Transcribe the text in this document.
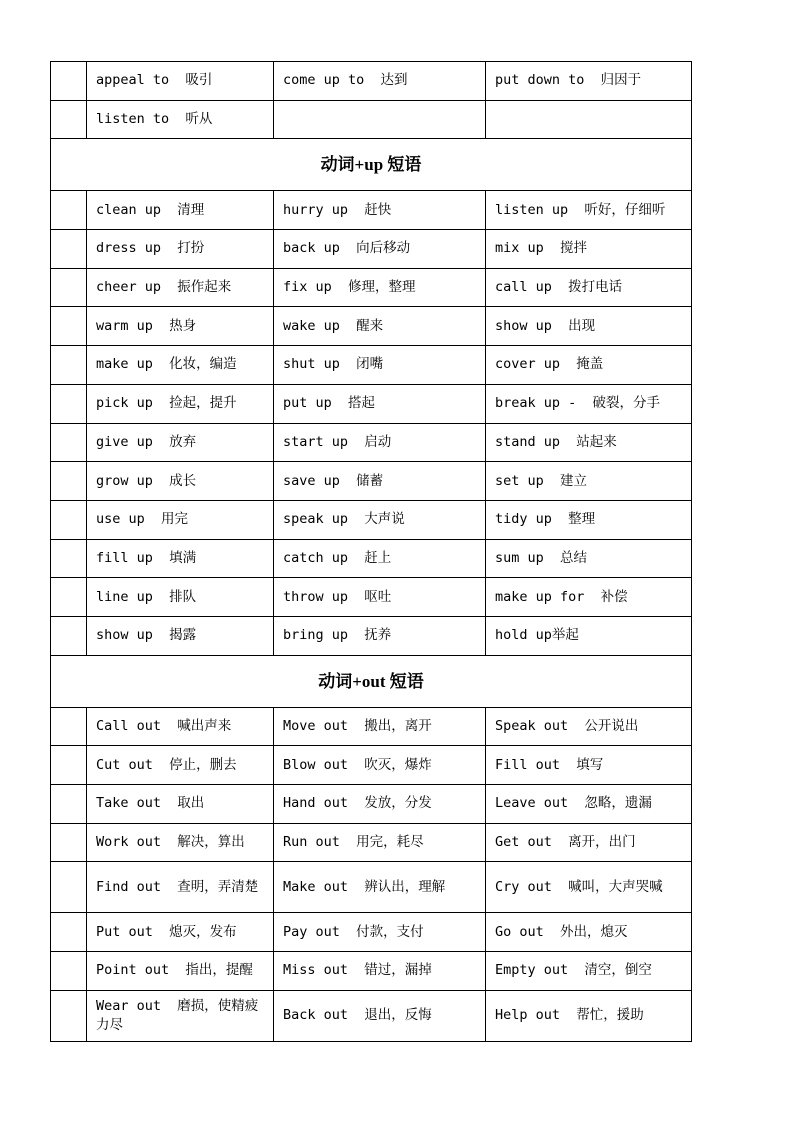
	appeal to  吸引	come up to  达到	put down to  归因于
	listen to  听从		
动词+up 短语			
	clean up  清理	hurry up  赶快	listen up  听好，仔细听
	dress up  打扮	back up  向后移动	mix up  搅拌
	cheer up  振作起来	fix up  修理，整理	call up  拨打电话
	warm up  热身	wake up  醒来	show up  出现
	make up  化妆，编造	shut up  闭嘴	cover up  掩盖
	pick up  捡起，提升	put up  搭起	break up -  破裂，分手
	give up  放弃	start up  启动	stand up  站起来
	grow up  成长	save up  储蓄	set up  建立
	use up  用完	speak up  大声说	tidy up  整理
	fill up  填满	catch up  赶上	sum up  总结
	line up  排队	throw up  呕吐	make up for  补偿
	show up  揭露	bring up  抚养	hold up举起
动词+out 短语			
	Call out  喊出声来	Move out  搬出，离开	Speak out  公开说出
	Cut out  停止，删去	Blow out  吹灭，爆炸	Fill out  填写
	Take out  取出	Hand out  发放，分发	Leave out  忽略，遗漏
	Work out  解决，算出	Run out  用完，耗尽	Get out  离开，出门
	Find out  查明，弄清楚	Make out  辨认出，理解	Cry out  喊叫，大声哭喊
	Put out  熄灭，发布	Pay out  付款，支付	Go out  外出，熄灭
	Point out  指出，提醒	Miss out  错过，漏掉	Empty out  清空，倒空
	Wear out  磨损，使精疲力尽	Back out  退出，反悔	Help out  帮忙，援助
